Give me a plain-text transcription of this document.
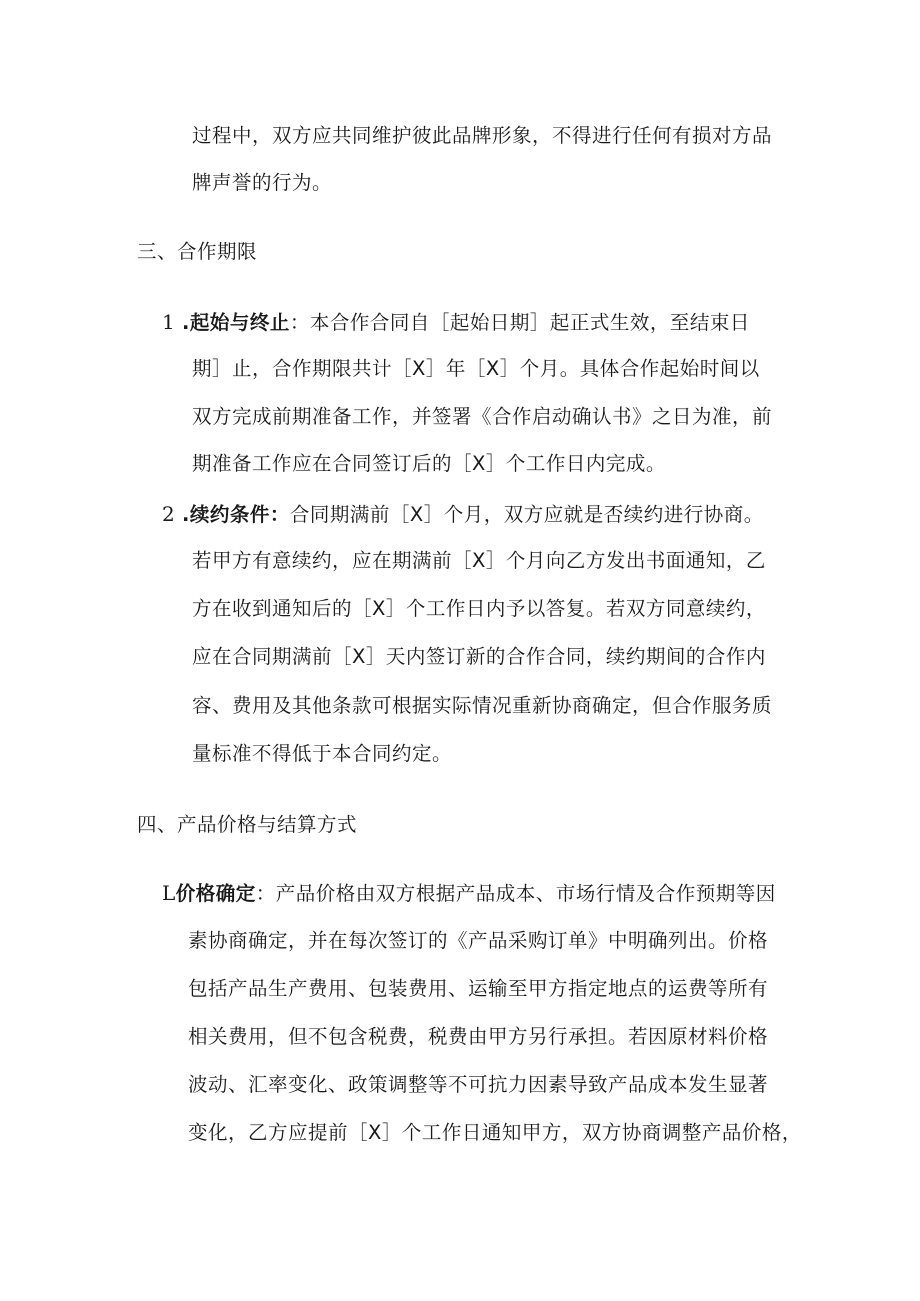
过程中，双方应共同维护彼此品牌形象，不得进行任何有损对方品
牌声誉的行为。
三、合作期限
1 .起始与终止：本合作合同自［起始日期］起正式生效，至结束日
期］止，合作期限共计［X］年［X］个月。具体合作起始时间以
双方完成前期准备工作，并签署《合作启动确认书》之日为准，前
期准备工作应在合同签订后的［X］个工作日内完成。
2 .续约条件：合同期满前［X］个月，双方应就是否续约进行协商。
若甲方有意续约，应在期满前［X］个月向乙方发出书面通知，乙
方在收到通知后的［X］个工作日内予以答复。若双方同意续约，
应在合同期满前［X］天内签订新的合作合同，续约期间的合作内
容、费用及其他条款可根据实际情况重新协商确定，但合作服务质
量标准不得低于本合同约定。
四、产品价格与结算方式
L价格确定：产品价格由双方根据产品成本、市场行情及合作预期等因
素协商确定，并在每次签订的《产品采购订单》中明确列出。价格
包括产品生产费用、包装费用、运输至甲方指定地点的运费等所有
相关费用，但不包含税费，税费由甲方另行承担。若因原材料价格
波动、汇率变化、政策调整等不可抗力因素导致产品成本发生显著
变化，乙方应提前［X］个工作日通知甲方，双方协商调整产品价格，
